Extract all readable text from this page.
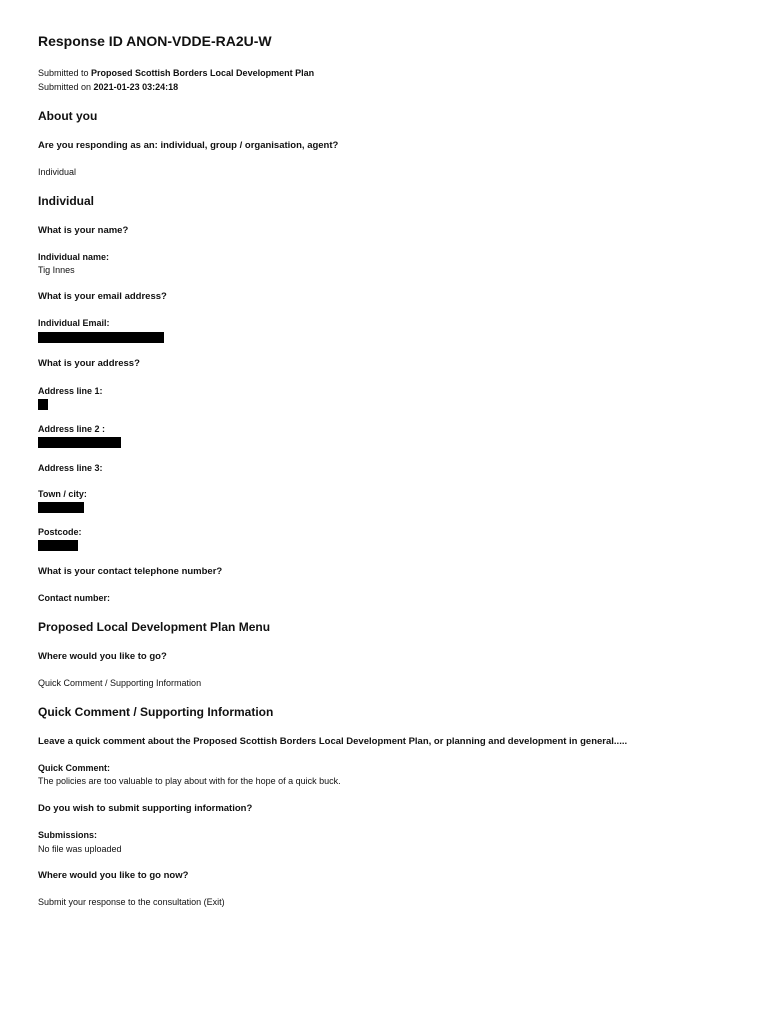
Response ID ANON-VDDE-RA2U-W
Submitted to Proposed Scottish Borders Local Development Plan
Submitted on 2021-01-23 03:24:18
About you
Are you responding as an: individual, group / organisation, agent?
Individual
Individual
What is your name?
Individual name:
Tig Innes
What is your email address?
Individual Email:
What is your address?
Address line 1:
Address line 2 :
Address line 3:
Town / city:
Postcode:
What is your contact telephone number?
Contact number:
Proposed Local Development Plan Menu
Where would you like to go?
Quick Comment / Supporting Information
Quick Comment / Supporting Information
Leave a quick comment about the Proposed Scottish Borders Local Development Plan, or planning and development in general.....
Quick Comment:
The policies are too valuable to play about with for the hope of a quick buck.
Do you wish to submit supporting information?
Submissions:
No file was uploaded
Where would you like to go now?
Submit your response to the consultation (Exit)
